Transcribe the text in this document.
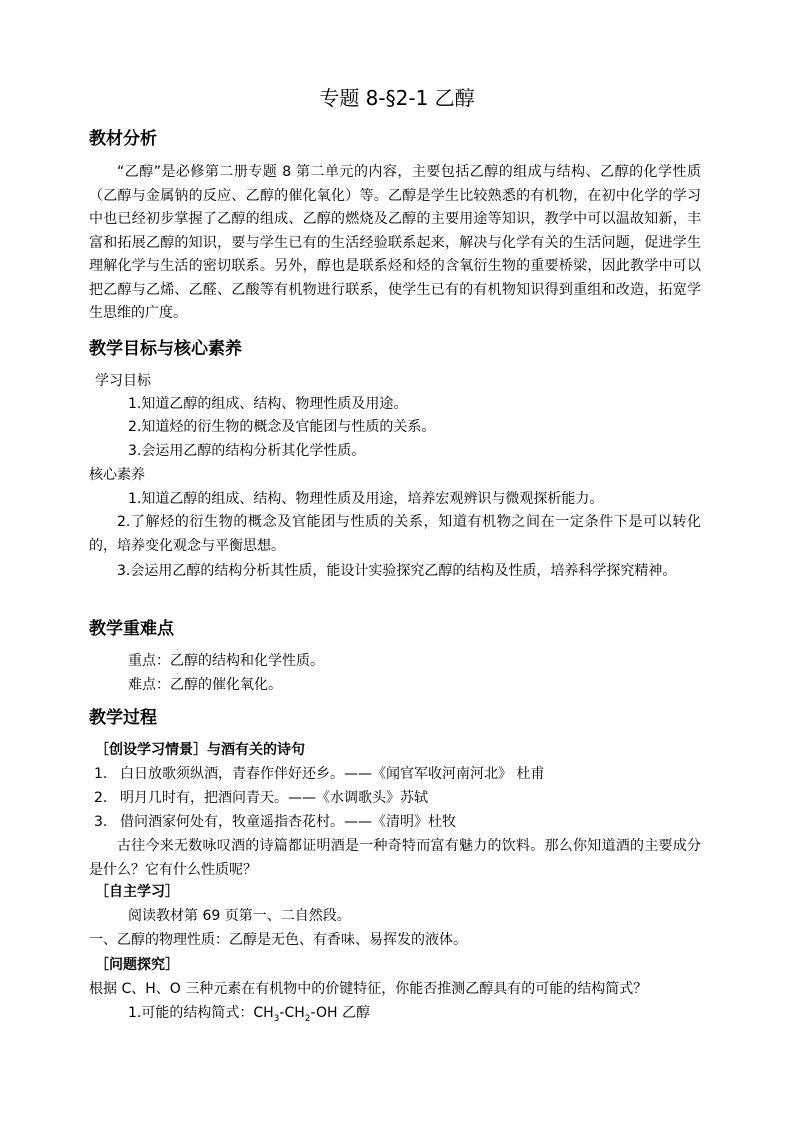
专题 8-§2-1 乙醇
教材分析
“乙醇”是必修第二册专题 8 第二单元的内容，主要包括乙醇的组成与结构、乙醇的化学性质（乙醇与金属钠的反应、乙醇的催化氧化）等。乙醇是学生比较熟悉的有机物，在初中化学的学习中也已经初步掌握了乙醇的组成、乙醇的燃烧及乙醇的主要用途等知识，教学中可以温故知新，丰富和拓展乙醇的知识，要与学生已有的生活经验联系起来，解决与化学有关的生活问题，促进学生理解化学与生活的密切联系。另外，醇也是联系烃和烃的含氧衍生物的重要桥梁，因此教学中可以把乙醇与乙烯、乙醛、乙酸等有机物进行联系，使学生已有的有机物知识得到重组和改造，拓宽学生思维的广度。
教学目标与核心素养
学习目标
1.知道乙醇的组成、结构、物理性质及用途。
2.知道烃的衍生物的概念及官能团与性质的关系。
3.会运用乙醇的结构分析其化学性质。
核心素养
1.知道乙醇的组成、结构、物理性质及用途，培养宏观辨识与微观探析能力。
2.了解烃的衍生物的概念及官能团与性质的关系，知道有机物之间在一定条件下是可以转化的，培养变化观念与平衡思想。
3.会运用乙醇的结构分析其性质，能设计实验探究乙醇的结构及性质，培养科学探究精神。
教学重难点
重点：乙醇的结构和化学性质。
难点：乙醇的催化氧化。
教学过程
［创设学习情景］与酒有关的诗句
1. 白日放歌须纵酒，青春作伴好还乡。——《闻官军收河南河北》 杜甫
2. 明月几时有，把酒问青天。——《水调歌头》苏轼
3. 借问酒家何处有，牧童遥指杏花村。——《清明》杜牧
古往今来无数咏叹酒的诗篇都证明酒是一种奇特而富有魅力的饮料。那么你知道酒的主要成分是什么？它有什么性质呢？
［自主学习］
阅读教材第 69 页第一、二自然段。
一、乙醇的物理性质：乙醇是无色、有香味、易挥发的液体。
［问题探究］
根据 C、H、O 三种元素在有机物中的价键特征，你能否推测乙醇具有的可能的结构简式？
1.可能的结构简式：$CH_3-CH_2-OH$ 乙醇
